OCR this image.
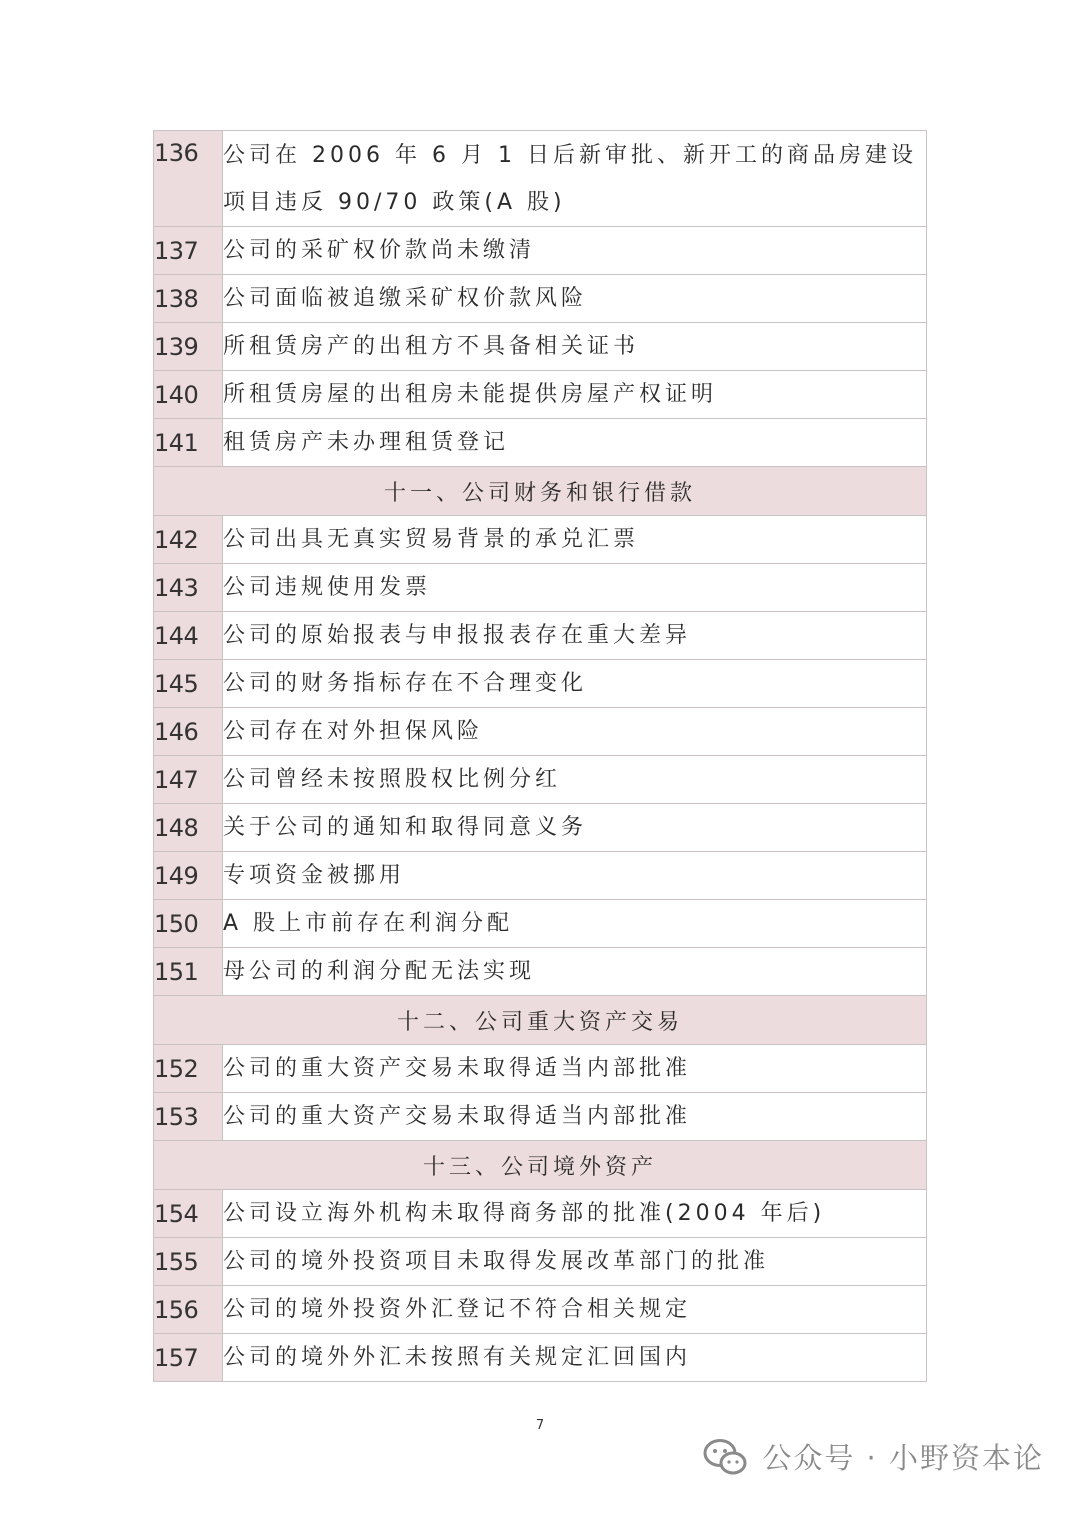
136	公司在 2006 年 6 月 1 日后新审批、新开工的商品房建设项目违反 90/70 政策(A 股)
137	公司的采矿权价款尚未缴清
138	公司面临被追缴采矿权价款风险
139	所租赁房产的出租方不具备相关证书
140	所租赁房屋的出租房未能提供房屋产权证明
141	租赁房产未办理租赁登记
十一、公司财务和银行借款	
142	公司出具无真实贸易背景的承兑汇票
143	公司违规使用发票
144	公司的原始报表与申报报表存在重大差异
145	公司的财务指标存在不合理变化
146	公司存在对外担保风险
147	公司曾经未按照股权比例分红
148	关于公司的通知和取得同意义务
149	专项资金被挪用
150	A 股上市前存在利润分配
151	母公司的利润分配无法实现
十二、公司重大资产交易	
152	公司的重大资产交易未取得适当内部批准
153	公司的重大资产交易未取得适当内部批准
十三、公司境外资产	
154	公司设立海外机构未取得商务部的批准(2004 年后)
155	公司的境外投资项目未取得发展改革部门的批准
156	公司的境外投资外汇登记不符合相关规定
157	公司的境外外汇未按照有关规定汇回国内
7
公众号 · 小野资本论
